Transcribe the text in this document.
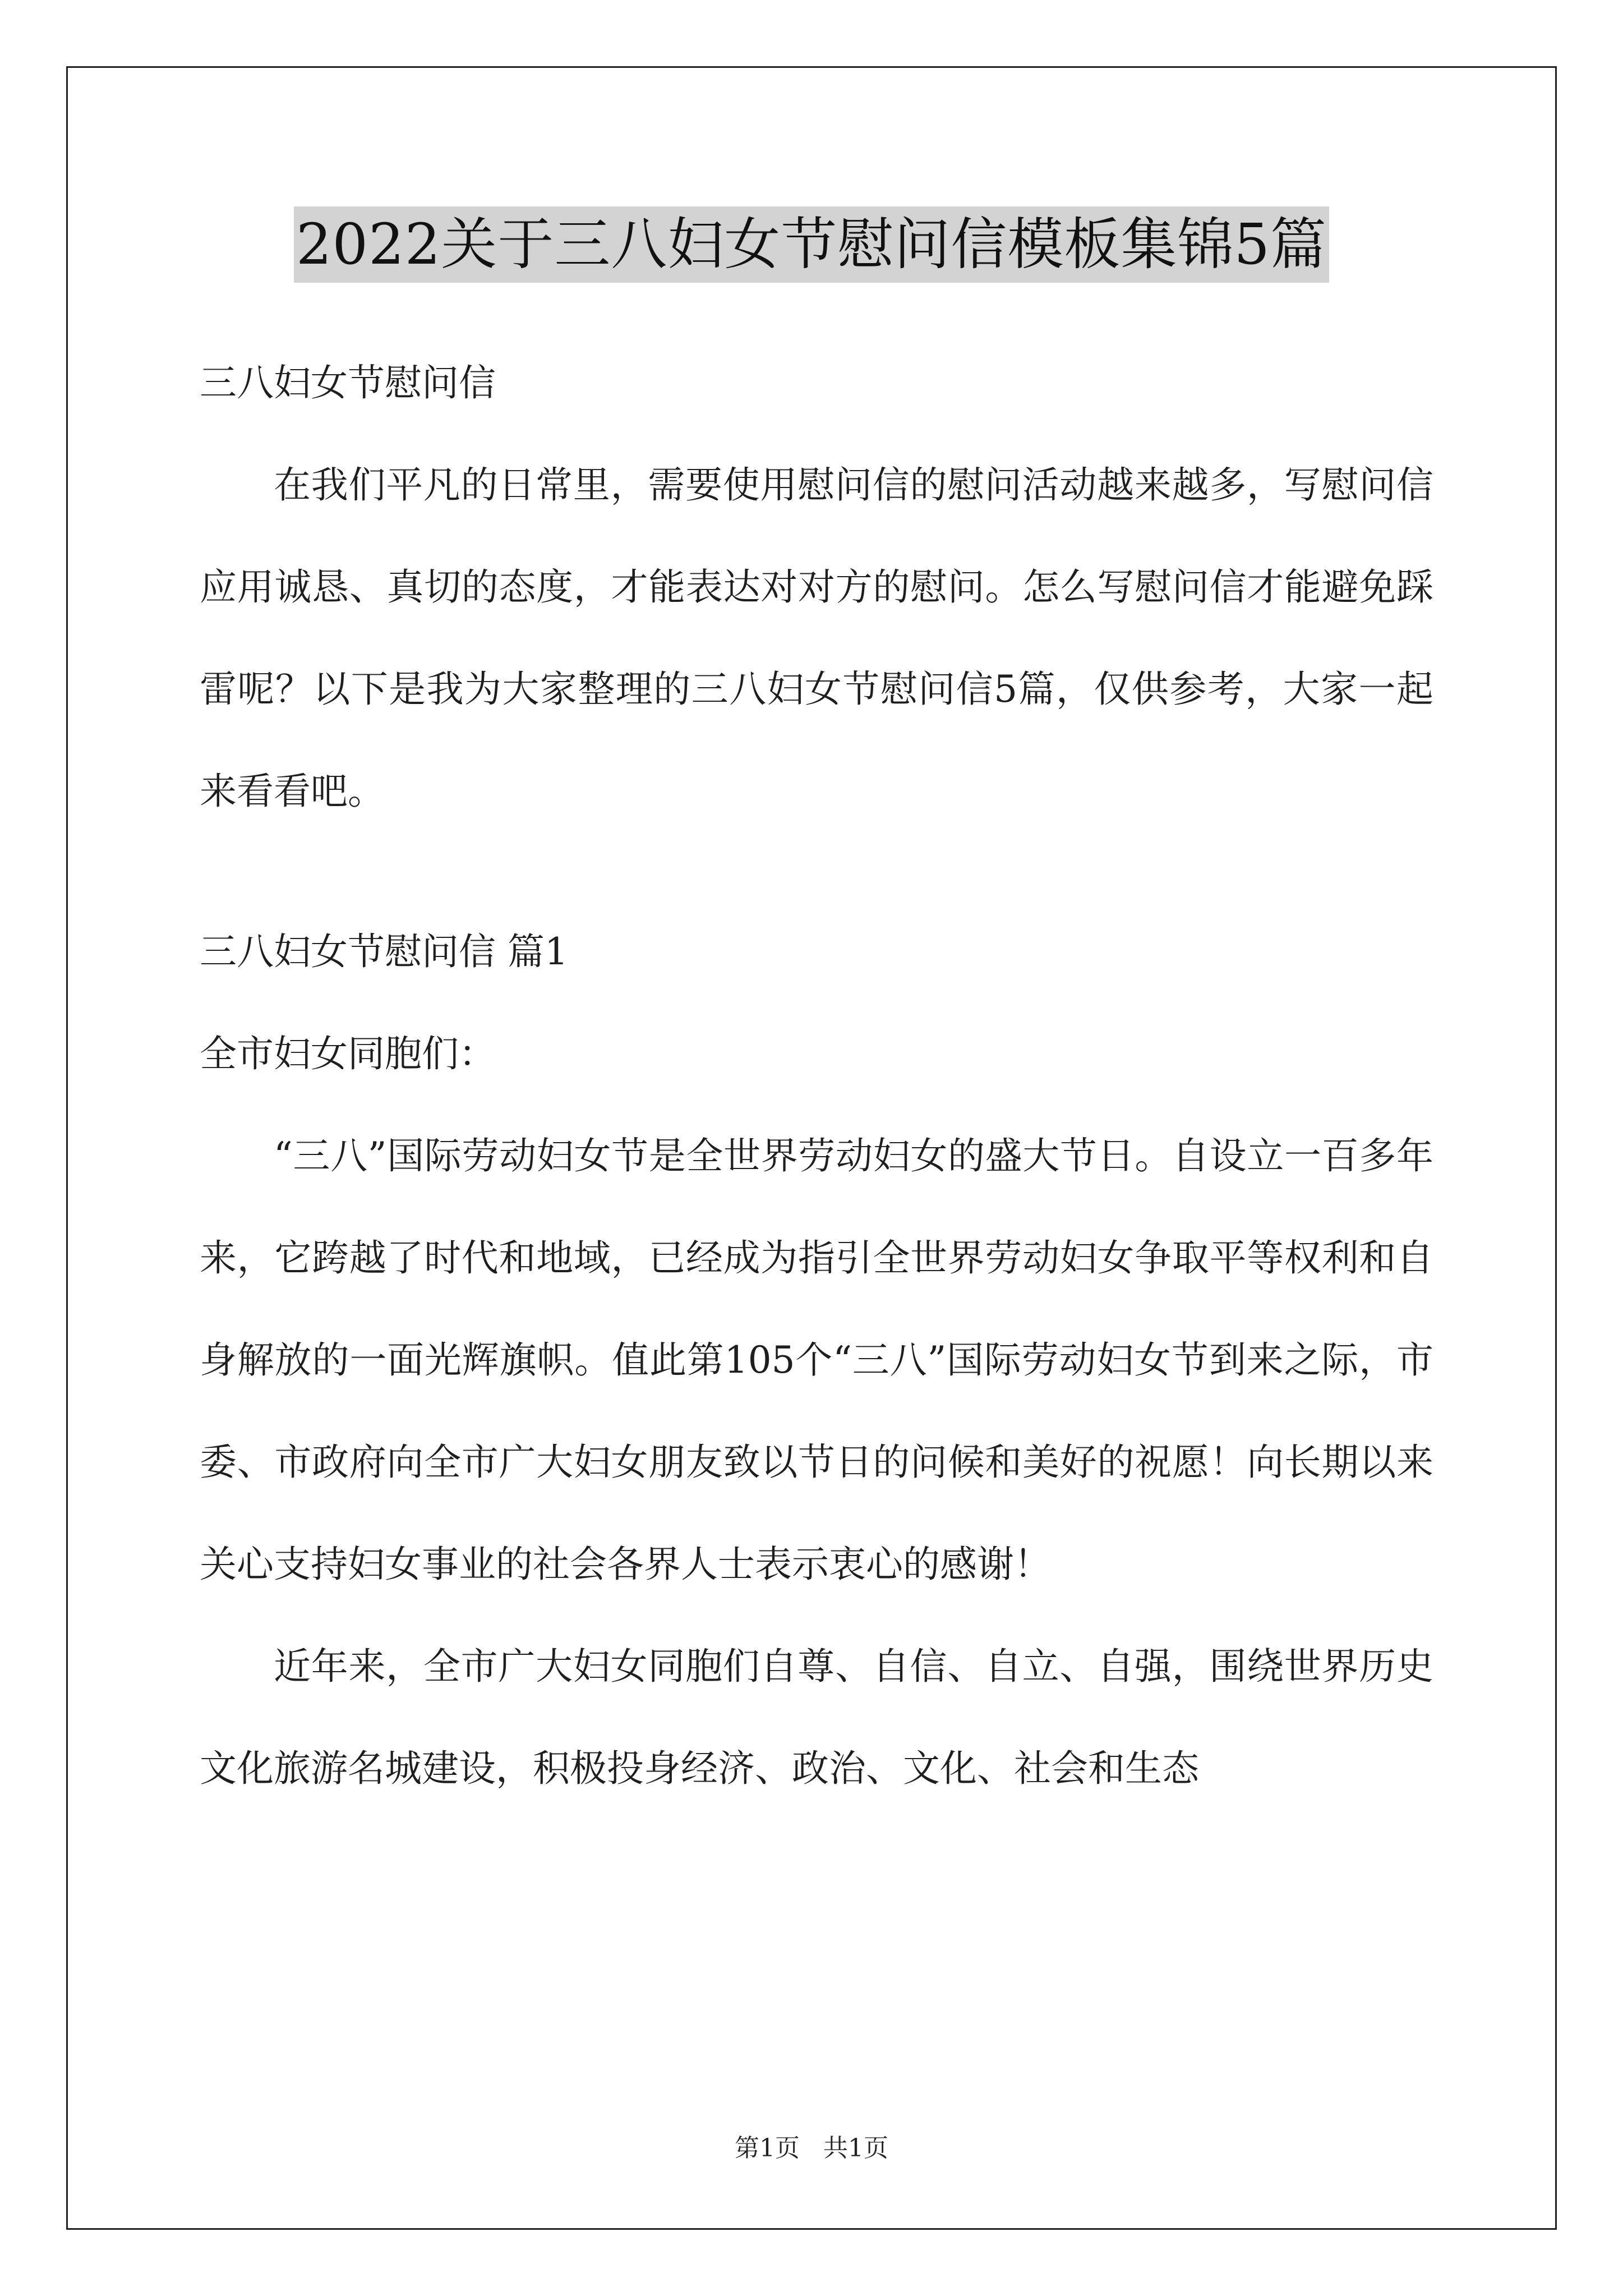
2022关于三八妇女节慰问信模板集锦5篇

三八妇女节慰问信

在我们平凡的日常里，需要使用慰问信的慰问活动越来越多，写慰问信应用诚恳、真切的态度，才能表达对对方的慰问。怎么写慰问信才能避免踩雷呢？以下是我为大家整理的三八妇女节慰问信5篇，仅供参考，大家一起来看看吧。

三八妇女节慰问信 篇1

全市妇女同胞们：

“三八”国际劳动妇女节是全世界劳动妇女的盛大节日。自设立一百多年来，它跨越了时代和地域，已经成为指引全世界劳动妇女争取平等权利和自身解放的一面光辉旗帜。值此第105个“三八”国际劳动妇女节到来之际，市委、市政府向全市广大妇女朋友致以节日的问候和美好的祝愿！向长期以来关心支持妇女事业的社会各界人士表示衷心的感谢！

近年来，全市广大妇女同胞们自尊、自信、自立、自强，围绕世界历史文化旅游名城建设，积极投身经济、政治、文化、社会和生态

第1页 共1页
